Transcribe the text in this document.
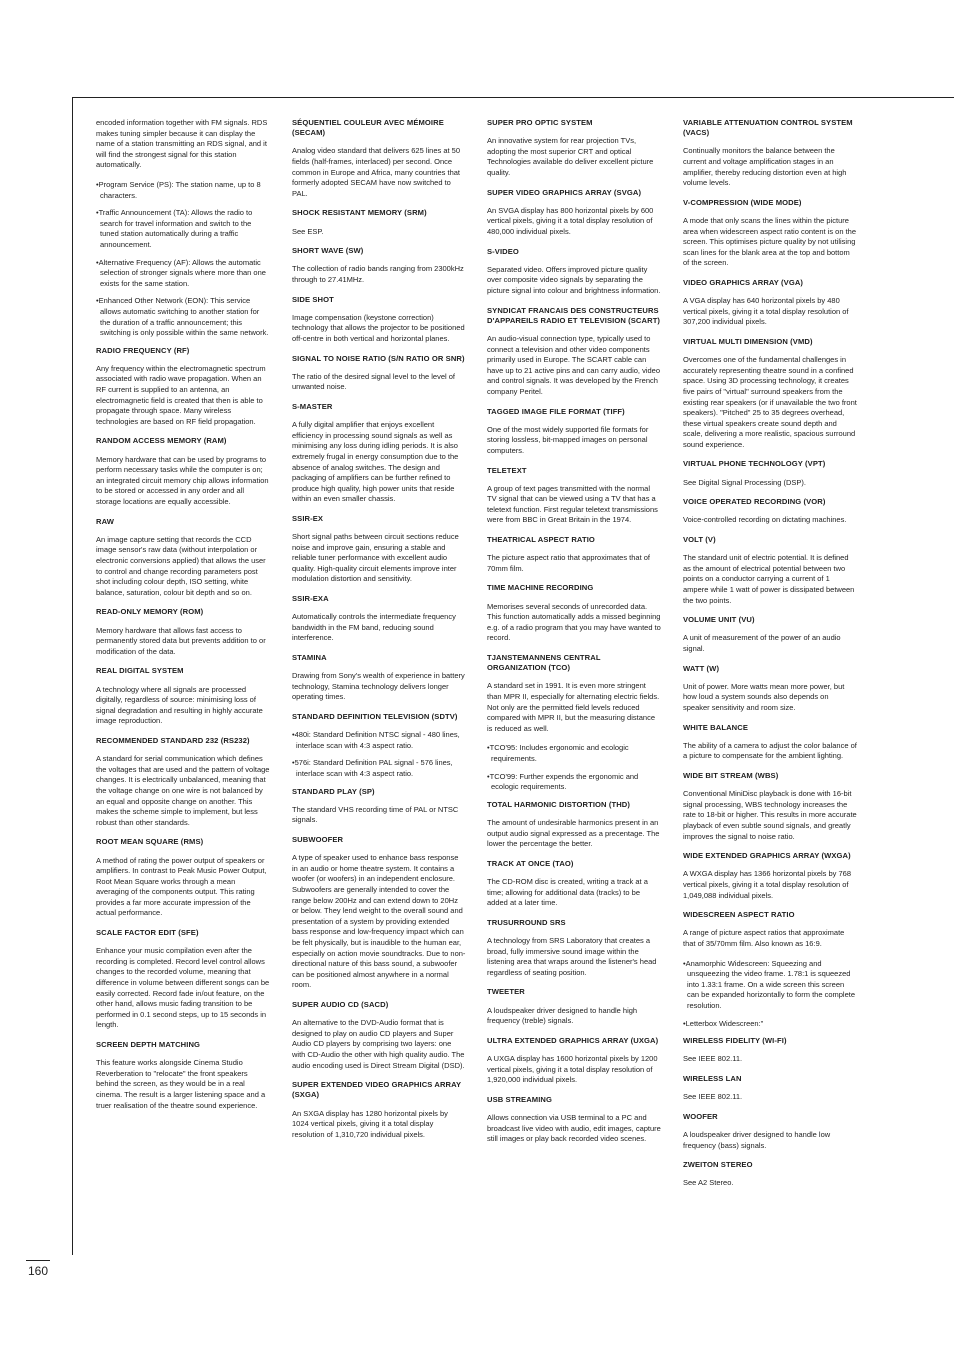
encoded information together with FM signals. RDS makes tuning simpler because it can display the name of a station transmitting an RDS signal, and it will find the strongest signal for this station automatically.

•Program Service (PS): The station name, up to 8 characters.

•Traffic Announcement (TA): Allows the radio to search for travel information and switch to the tuned station automatically during a traffic announcement.

•Alternative Frequency (AF): Allows the automatic selection of stronger signals where more than one exists for the same station.

•Enhanced Other Network (EON): This service allows automatic switching to another station for the duration of a traffic announcement; this switching is only possible within the same network.

RADIO FREQUENCY (RF)

Any frequency within the electromagnetic spectrum associated with radio wave propagation. When an RF current is supplied to an antenna, an electromagnetic field is created that then is able to propagate through space. Many wireless technologies are based on RF field propagation.

RANDOM ACCESS MEMORY (RAM)

Memory hardware that can be used by programs to perform necessary tasks while the computer is on; an integrated circuit memory chip allows information to be stored or accessed in any order and all storage locations are equally accessible.

RAW

An image capture setting that records the CCD image sensor's raw data (without interpolation or electronic conversions applied) that allows the user to control and change recording parameters post shot including colour depth, ISO setting, white balance, saturation, colour bit depth and so on.

READ-ONLY MEMORY (ROM)

Memory hardware that allows fast access to permanently stored data but prevents addition to or modification of the data.

REAL DIGITAL SYSTEM

A technology where all signals are processed digitally, regardless of source: minimising loss of signal degradation and resulting in highly accurate image reproduction.

RECOMMENDED STANDARD 232 (RS232)

A standard for serial communication which defines the voltages that are used and the pattern of voltage changes. It is electrically unbalanced, meaning that the voltage change on one wire is not balanced by an equal and opposite change on another. This makes the scheme simple to implement, but less robust than other standards.

ROOT MEAN SQUARE (RMS)

A method of rating the power output of speakers or amplifiers. In contrast to Peak Music Power Output, Root Mean Square works through a mean averaging of the components output. This rating provides a far more accurate impression of the actual performance.

SCALE FACTOR EDIT (SFE)

Enhance your music compilation even after the recording is completed. Record level control allows changes to the recorded volume, meaning that difference in volume between different songs can be easily corrected. Record fade in/out feature, on the other hand, allows music fading transition to be performed in 0.1 second steps, up to 15 seconds in length.

SCREEN DEPTH MATCHING

This feature works alongside Cinema Studio Reverberation to "relocate" the front speakers behind the screen, as they would be in a real cinema. The result is a larger listening space and a truer realisation of the theatre sound experience.

SÉQUENTIEL COULEUR AVEC MÉMOIRE (SECAM)

Analog video standard that delivers 625 lines at 50 fields (half-frames, interlaced) per second. Once common in Europe and Africa, many countries that formerly adopted SECAM have now switched to PAL.

SHOCK RESISTANT MEMORY (SRM)

See ESP.

SHORT WAVE (SW)

The collection of radio bands ranging from 2300kHz through to 27.41MHz.

SIDE SHOT

Image compensation (keystone correction) technology that allows the projector to be positioned off-centre in both vertical and horizontal planes.

SIGNAL TO NOISE RATIO (S/N RATIO OR SNR)

The ratio of the desired signal level to the level of unwanted noise.

S-MASTER

A fully digital amplifier that enjoys excellent efficiency in processing sound signals as well as minimising any loss during idling periods. It is also extremely frugal in energy consumption due to the absence of analog switches. The design and packaging of amplifiers can be further refined to produce high quality, high power units that reside within an even smaller chassis.

SSIR-EX

Short signal paths between circuit sections reduce noise and improve gain, ensuring a stable and reliable tuner performance with excellent audio quality. High-quality circuit elements improve inter modulation distortion and sensitivity.

SSIR-EXA

Automatically controls the intermediate frequency bandwidth in the FM band, reducing sound interference.

STAMINA

Drawing from Sony's wealth of experience in battery technology, Stamina technology delivers longer operating times.

STANDARD DEFINITION TELEVISION (SDTV)

•480i: Standard Definition NTSC signal - 480 lines, interlace scan with 4:3 aspect ratio.

•576i: Standard Definition PAL signal - 576 lines, interlace scan with 4:3 aspect ratio.

STANDARD PLAY (SP)

The standard VHS recording time of PAL or NTSC signals.

SUBWOOFER

A type of speaker used to enhance bass response in an audio or home theatre system. It contains a woofer (or woofers) in an independent enclosure. Subwoofers are generally intended to cover the range below 200Hz and can extend down to 20Hz or below. They lend weight to the overall sound and presentation of a system by providing extended bass response and low-frequency impact which can be felt physically, but is inaudible to the human ear, especially on action movie soundtracks. Due to non-directional nature of this bass sound, a subwoofer can be positioned almost anywhere in a normal room.

SUPER AUDIO CD (SACD)

An alternative to the DVD-Audio format that is designed to play on audio CD players and Super Audio CD players by comprising two layers: one with CD-Audio the other with high quality audio. The audio encoding used is Direct Stream Digital (DSD).

SUPER EXTENDED VIDEO GRAPHICS ARRAY (SXGA)

An SXGA display has 1280 horizontal pixels by 1024 vertical pixels, giving it a total display resolution of 1,310,720 individual pixels.

SUPER PRO OPTIC SYSTEM

An innovative system for rear projection TVs, adopting the most superior CRT and optical Technologies available do deliver excellent picture quality.

SUPER VIDEO GRAPHICS ARRAY (SVGA)

An SVGA display has 800 horizontal pixels by 600 vertical pixels, giving it a total display resolution of 480,000 individual pixels.

S-VIDEO

Separated video. Offers improved picture quality over composite video signals by separating the picture signal into colour and brightness information.

SYNDICAT FRANCAIS DES CONSTRUCTEURS D'APPAREILS RADIO ET TELEVISION (SCART)

An audio-visual connection type, typically used to connect a television and other video components primarily used in Europe. The SCART cable can have up to 21 active pins and can carry audio, video and control signals. It was developed by the French company Peritel.

TAGGED IMAGE FILE FORMAT (TIFF)

One of the most widely supported file formats for storing lossless, bit-mapped images on personal computers.

TELETEXT

A group of text pages transmitted with the normal TV signal that can be viewed using a TV that has a teletext function. First regular teletext transmissions were from BBC in Great Britain in the 1974.

THEATRICAL ASPECT RATIO

The picture aspect ratio that approximates that of 70mm film.

TIME MACHINE RECORDING

Memorises several seconds of unrecorded data. This function automatically adds a missed beginning e.g. of a radio program that you may have wanted to record.

TJANSTEMANNENS CENTRAL ORGANIZATION (TCO)

A standard set in 1991. It is even more stringent than MPR II, especially for alternating electric fields. Not only are the permitted field levels reduced compared with MPR II, but the measuring distance is reduced as well.

•TCO'95: Includes ergonomic and ecologic requirements.

•TCO'99: Further expends the ergonomic and ecologic requirements.

TOTAL HARMONIC DISTORTION (THD)

The amount of undesirable harmonics present in an output audio signal expressed as a precentage. The lower the percentage the better.

TRACK AT ONCE (TAO)

The CD-ROM disc is created, writing a track at a time; allowing for additional data (tracks) to be added at a later time.

TRUSURROUND SRS

A technology from SRS Laboratory that creates a broad, fully immersive sound image within the listening area that wraps around the listener's head regardless of seating position.

TWEETER

A loudspeaker driver designed to handle high frequency (treble) signals.

ULTRA EXTENDED GRAPHICS ARRAY (UXGA)

A UXGA display has 1600 horizontal pixels by 1200 vertical pixels, giving it a total display resolution of 1,920,000 individual pixels.

USB STREAMING

Allows connection via USB terminal to a PC and broadcast live video with audio, edit images, capture still images or play back recorded video scenes.

VARIABLE ATTENUATION CONTROL SYSTEM (VACS)

Continually monitors the balance between the current and voltage amplification stages in an amplifier, thereby reducing distortion even at high volume levels.

V-COMPRESSION (WIDE MODE)

A mode that only scans the lines within the picture area when widescreen aspect ratio content is on the screen. This optimises picture quality by not utilising scan lines for the blank area at the top and bottom of the screen.

VIDEO GRAPHICS ARRAY (VGA)

A VGA display has 640 horizontal pixels by 480 vertical pixels, giving it a total display resolution of 307,200 individual pixels.

VIRTUAL MULTI DIMENSION (VMD)

Overcomes one of the fundamental challenges in accurately representing theatre sound in a confined space. Using 3D processing technology, it creates five pairs of "virtual" surround speakers from the existing rear speakers (or if unavailable the two front speakers). "Pitched" 25 to 35 degrees overhead, these virtual speakers create sound depth and scale, delivering a more realistic, spacious surround sound experience.

VIRTUAL PHONE TECHNOLOGY (VPT)

See Digital Signal Processing (DSP).

VOICE OPERATED RECORDING (VOR)

Voice-controlled recording on dictating machines.

VOLT (V)

The standard unit of electric potential. It is defined as the amount of electrical potential between two points on a conductor carrying a current of 1 ampere while 1 watt of power is dissipated between the two points.

VOLUME UNIT (VU)

A unit of measurement of the power of an audio signal.

WATT (W)

Unit of power. More watts mean more power, but how loud a system sounds also depends on speaker sensitivity and room size.

WHITE BALANCE

The ability of a camera to adjust the color balance of a picture to compensate for the ambient lighting.

WIDE BIT STREAM (WBS)

Conventional MiniDisc playback is done with 16-bit signal processing, WBS technology increases the rate to 18-bit or higher. This results in more accurate playback of even subtle sound signals, and greatly improves the signal to noise ratio.

WIDE EXTENDED GRAPHICS ARRAY (WXGA)

A WXGA display has 1366 horizontal pixels by 768 vertical pixels, giving it a total display resolution of 1,049,088 individual pixels.

WIDESCREEN ASPECT RATIO

A range of picture aspect ratios that approximate that of 35/70mm film. Also known as 16:9.

•Anamorphic Widescreen: Squeezing and unsqueezing the video frame. 1.78:1 is squeezed into 1.33:1 frame. On a wide screen this screen can be expanded horizontally to form the complete resolution.

•Letterbox Widescreen:"

WIRELESS FIDELITY (WI-FI)

See IEEE 802.11.

WIRELESS LAN

See IEEE 802.11.

WOOFER

A loudspeaker driver designed to handle low frequency (bass) signals.

ZWEITON STEREO

See A2 Stereo.

160
